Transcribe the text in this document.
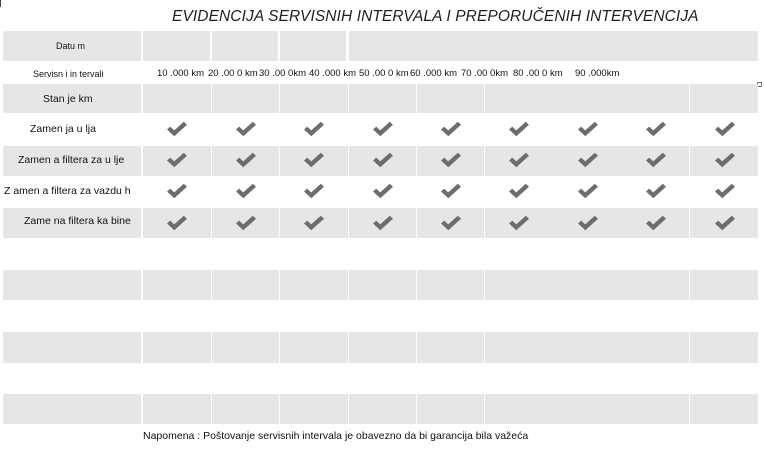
EVIDENCIJA SERVISNIH INTERVALA I PREPORUČENIH INTERVENCIJA
Datu m
Servisn i in tervali
Stan je km
Zamen ja u lja
Zamen a filtera za u lje
Z amen a filtera za vazdu h
Zame na filtera ka bine
10 .000 km 20 .00 0 km 30 .00 0km 40 .000 km 50 .00 0 km 60 .000 km 70 .00 0km 80 .00 0 km 90 .000km
Napomena : Poštovanje servisnih intervala je obavezno da bi garancija bila važeća
